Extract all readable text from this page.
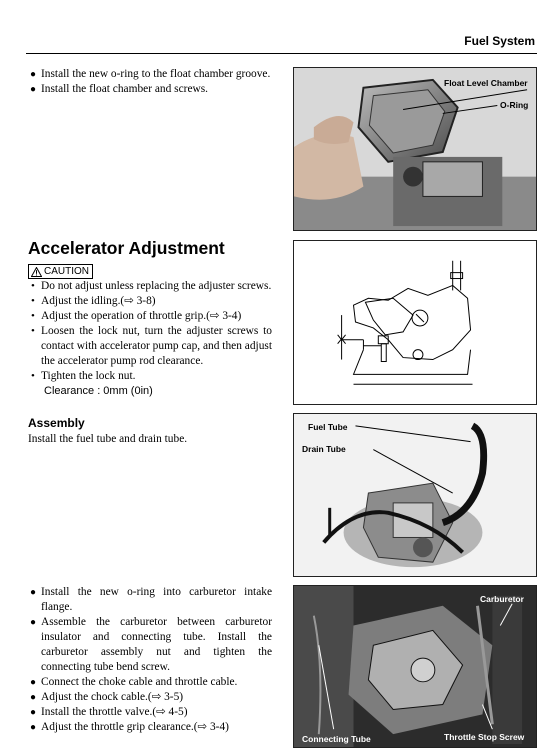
Fuel System
● Install the new o-ring to the float chamber groove.
● Install the float chamber and screws.	Float Level Chamber
O-Ring
Accelerator Adjustment
CAUTION
• Do not adjust unless replacing the adjuster screws.
• Adjust the idling.(⇨ 3-8)
• Adjust the operation of throttle grip.(⇨ 3-4)
• Loosen the lock nut, turn the adjuster screws to contact with accelerator pump cap, and then adjust the accelerator pump rod clearance.
• Tighten the lock nut.
Clearance : 0mm (0in)
Assembly
Install the fuel tube and drain tube.
Fuel Tube
Drain Tube
● Install the new o-ring into carburetor intake flange.
● Assemble the carburetor between carburetor insulator and connecting tube. Install the carburetor assembly nut and tighten the connecting tube bend screw.
● Connect the choke cable and throttle cable.
● Adjust the chock cable.(⇨ 3-5)
● Install the throttle valve.(⇨ 4-5)
● Adjust the throttle grip clearance.(⇨ 3-4)
Carburetor
Connecting Tube	Throttle Stop Screw
